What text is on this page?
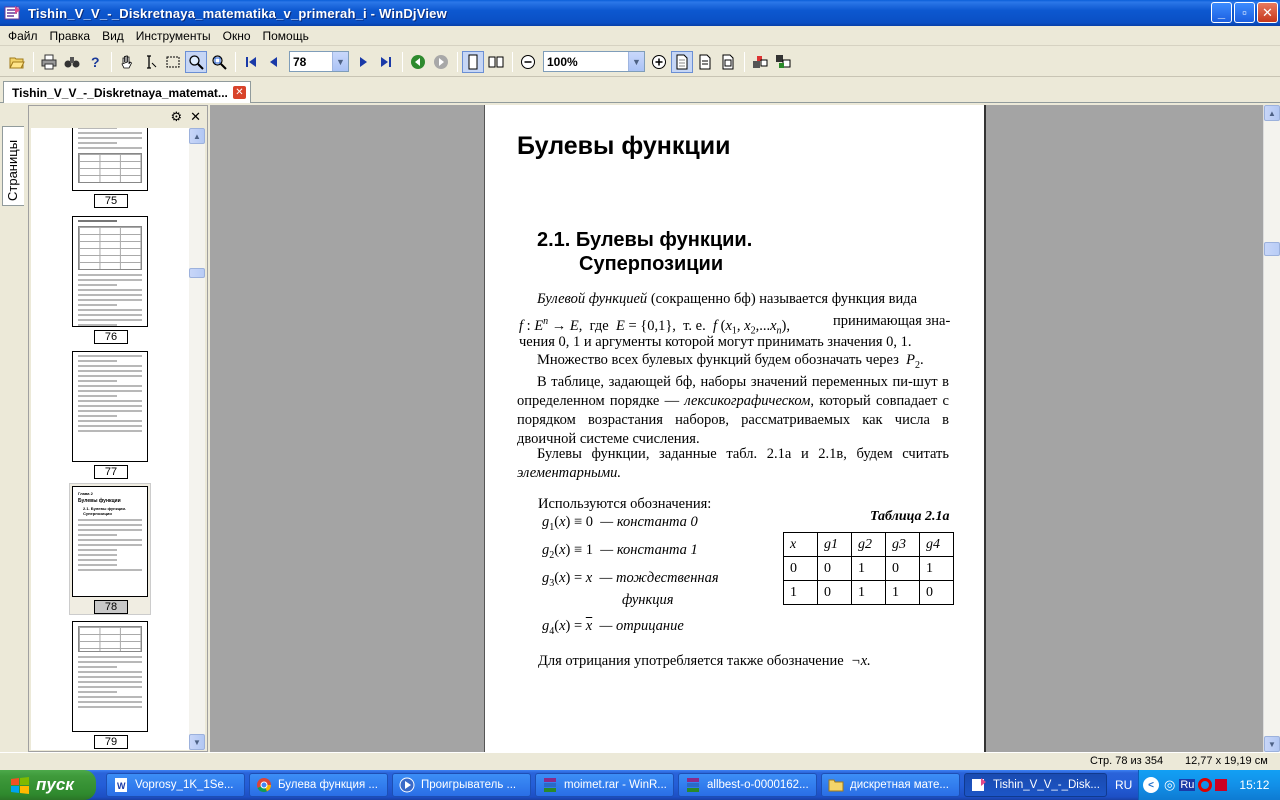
Tishin_V_V_-_Diskretnaya_matematika_v_primerah_i - WinDjView	_ ▫ ✕
Файл	Правка	Вид	Инструменты	Окно	Помощь
?	78	▼	100%	▼
Tishin_V_V_-_Diskretnaya_matemat... ✕
Страницы
⚙ ✕
75
76
77
Глава 2
Булевы функции
2.1. Булевы функции.
Суперпозиции
78
79
▲
▼
Булевы функции
2.1. Булевы функции.
Суперпозиции
Булевой функцией (сокращенно бф) называется функция вида
f : $E^n \to E$,  где  E = {0,1},  т. е.  f ($x_1$, $x_2,...x_n$),	принимающая зна-
чения 0, 1 и аргументы которой могут принимать значения 0, 1.
Множество всех булевых функций будем обозначать через $P_2$.
В таблице, задающей бф, наборы значений переменных пи-шут в определенном порядке — лексикографическом, который совпадает с порядком возрастания наборов, рассматриваемых как числа в двоичной системе счисления.
Булевы функции, заданные табл. 2.1а и 2.1в, будем считать элементарными.
Используются обозначения:
$g_1(x) \equiv 0$  — константа 0
$g_2(x) \equiv 1$  — константа 1
$g_3(x) = x$ — тождественная
функция
$g_4(x) = \overline{x}$ — отрицание
Для отрицания употребляется также обозначение ¬x.
Таблица 2.1а
x	g1	g2	g3	g4
0	0	1	0	1
1	0	1	1	0
▲
▼
Стр. 78 из 354 12,77 x 19,19 см
пуск	W Voprosy_1K_1Se...	Булева функция ...	Проигрыватель ...	moimet.rar - WinR...	allbest-o-0000162...	дискретная мате...	Tishin_V_V_-_Disk... RU	< ◎ Ru	15:12
